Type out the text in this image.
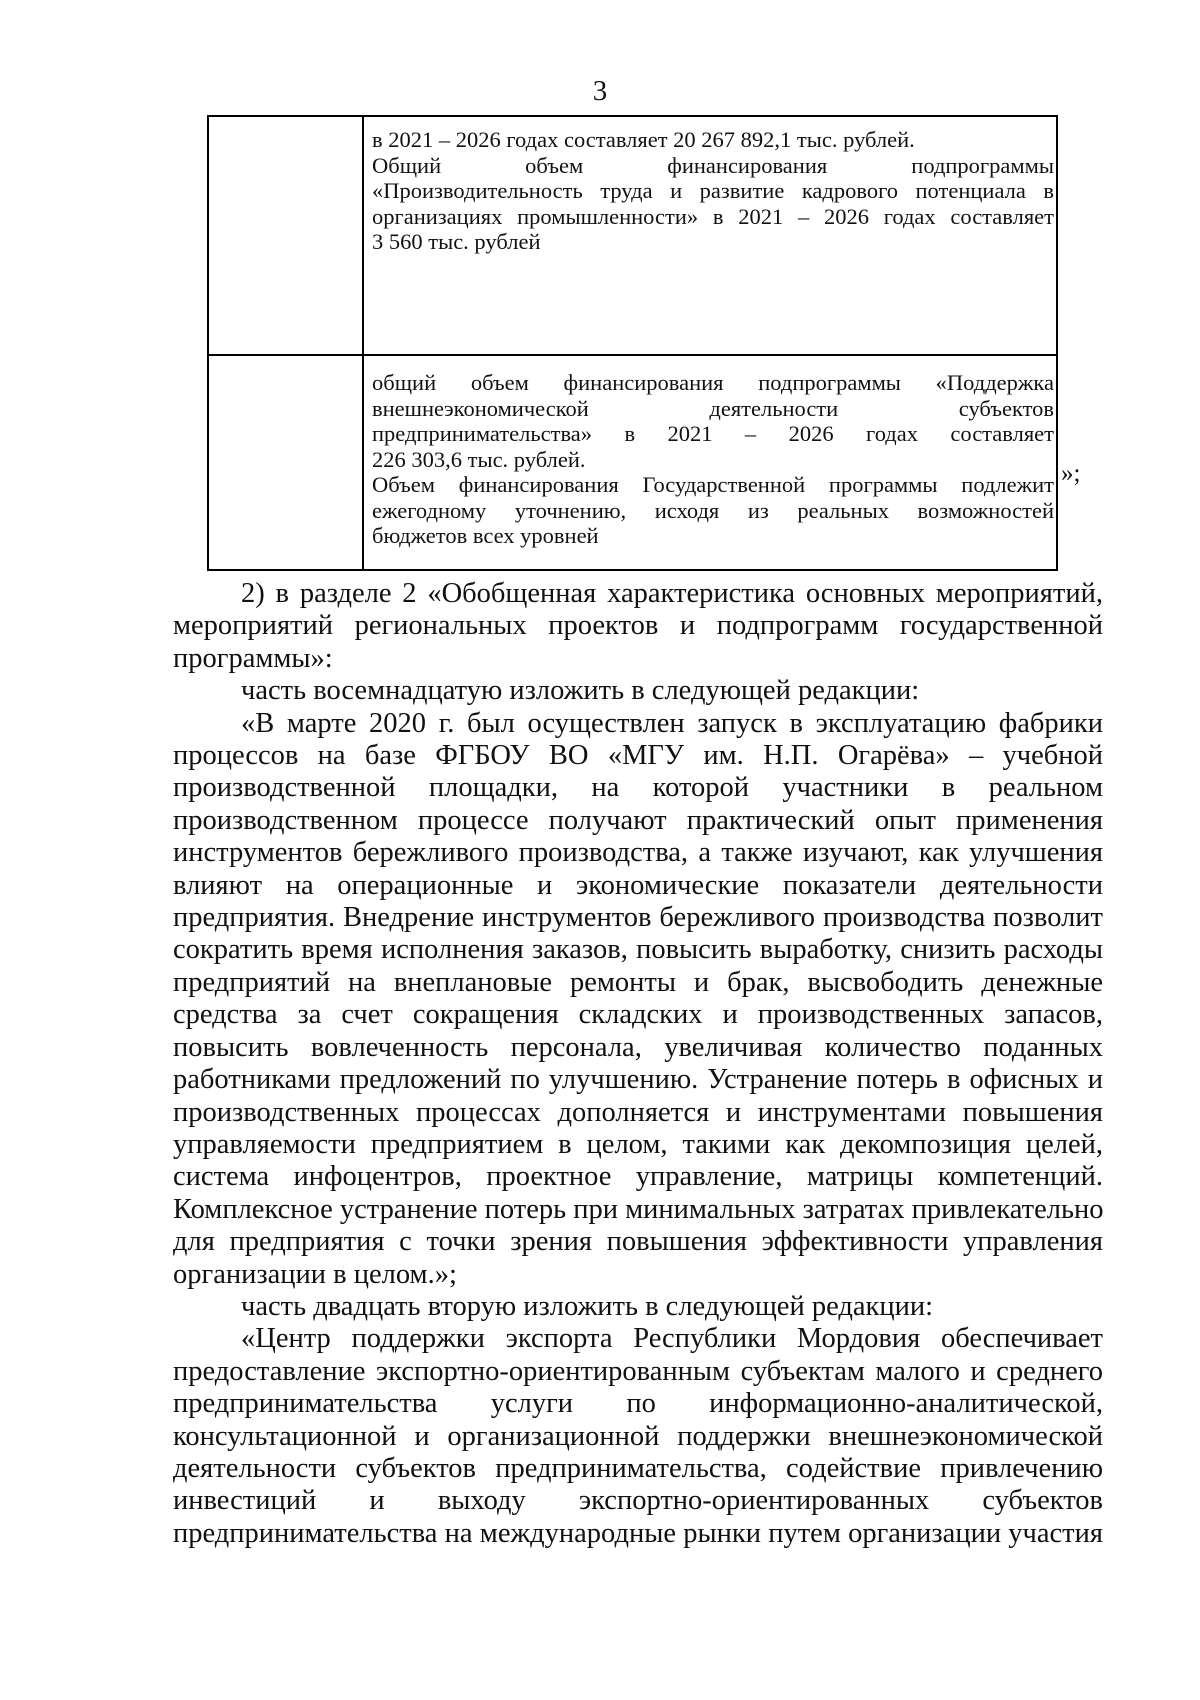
3
в 2021 – 2026 годах составляет 20 267 892,1 тыс. рублей.
Общий объем финансирования подпрограммы
«Производительность труда и развитие кадрового потенциала в
организациях промышленности» в 2021 – 2026 годах составляет
3 560 тыс. рублей
общий объем финансирования подпрограммы «Поддержка
внешнеэкономической деятельности субъектов
предпринимательства» в 2021 – 2026 годах составляет
226 303,6 тыс. рублей.
Объем финансирования Государственной программы подлежит
ежегодному уточнению, исходя из реальных возможностей
бюджетов всех уровней
»;
2) в разделе 2 «Обобщенная характеристика основных мероприятий,
мероприятий региональных проектов и подпрограмм государственной
программы»:
часть восемнадцатую изложить в следующей редакции:
«В марте 2020 г. был осуществлен запуск в эксплуатацию фабрики
процессов на базе ФГБОУ ВО «МГУ им. Н.П. Огарёва» – учебной
производственной площадки, на которой участники в реальном
производственном процессе получают практический опыт применения
инструментов бережливого производства, а также изучают, как улучшения
влияют на операционные и экономические показатели деятельности
предприятия. Внедрение инструментов бережливого производства позволит
сократить время исполнения заказов, повысить выработку, снизить расходы
предприятий на внеплановые ремонты и брак, высвободить денежные
средства за счет сокращения складских и производственных запасов,
повысить вовлеченность персонала, увеличивая количество поданных
работниками предложений по улучшению. Устранение потерь в офисных и
производственных процессах дополняется и инструментами повышения
управляемости предприятием в целом, такими как декомпозиция целей,
система инфоцентров, проектное управление, матрицы компетенций.
Комплексное устранение потерь при минимальных затратах привлекательно
для предприятия с точки зрения повышения эффективности управления
организации в целом.»;
часть двадцать вторую изложить в следующей редакции:
«Центр поддержки экспорта Республики Мордовия обеспечивает
предоставление экспортно-ориентированным субъектам малого и среднего
предпринимательства услуги по информационно-аналитической,
консультационной и организационной поддержки внешнеэкономической
деятельности субъектов предпринимательства, содействие привлечению
инвестиций и выходу экспортно-ориентированных субъектов
предпринимательства на международные рынки путем организации участия
